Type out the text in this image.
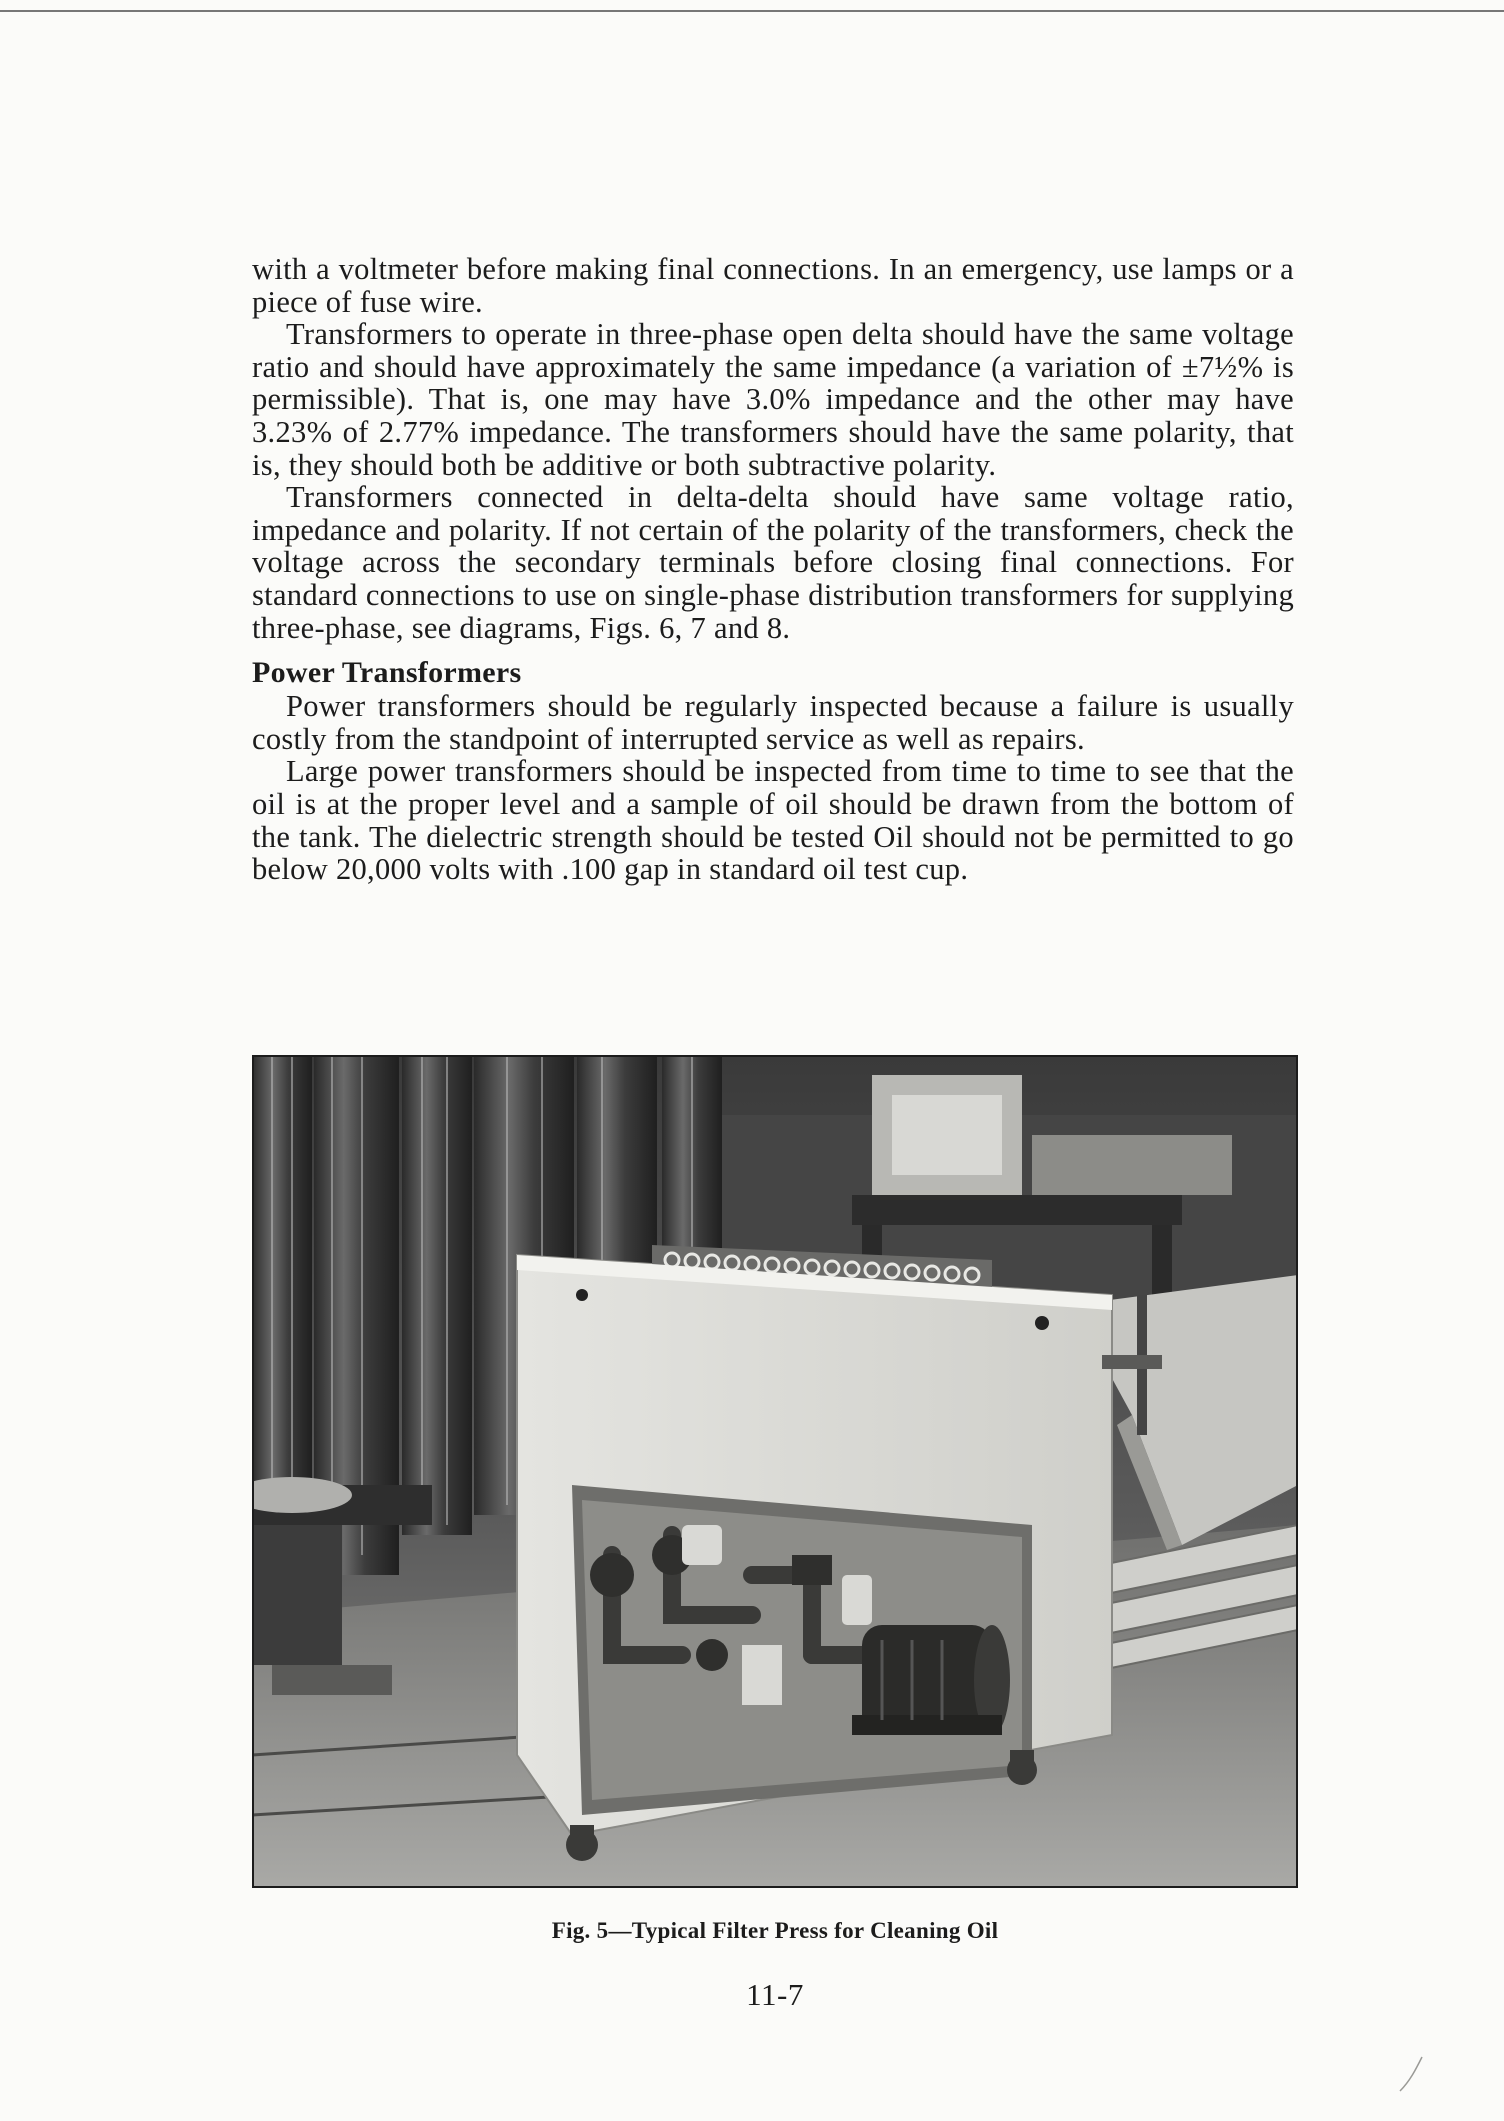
with a voltmeter before making final connections. In an emergency, use lamps or a piece of fuse wire.

Transformers to operate in three-phase open delta should have the same voltage ratio and should have approximately the same impedance (a variation of ±7½% is permissible). That is, one may have 3.0% impedance and the other may have 3.23% of 2.77% impedance. The transformers should have the same polarity, that is, they should both be additive or both subtractive polarity.

Transformers connected in delta-delta should have same voltage ratio, impedance and polarity. If not certain of the polarity of the transformers, check the voltage across the secondary terminals before closing final connections. For standard connections to use on single-phase distribution transformers for supplying three-phase, see diagrams, Figs. 6, 7 and 8.

Power Transformers

Power transformers should be regularly inspected because a failure is usually costly from the standpoint of interrupted service as well as repairs.

Large power transformers should be inspected from time to time to see that the oil is at the proper level and a sample of oil should be drawn from the bottom of the tank. The dielectric strength should be tested Oil should not be permitted to go below 20,000 volts with .100 gap in standard oil test cup.

Fig. 5—Typical Filter Press for Cleaning Oil
11-7
